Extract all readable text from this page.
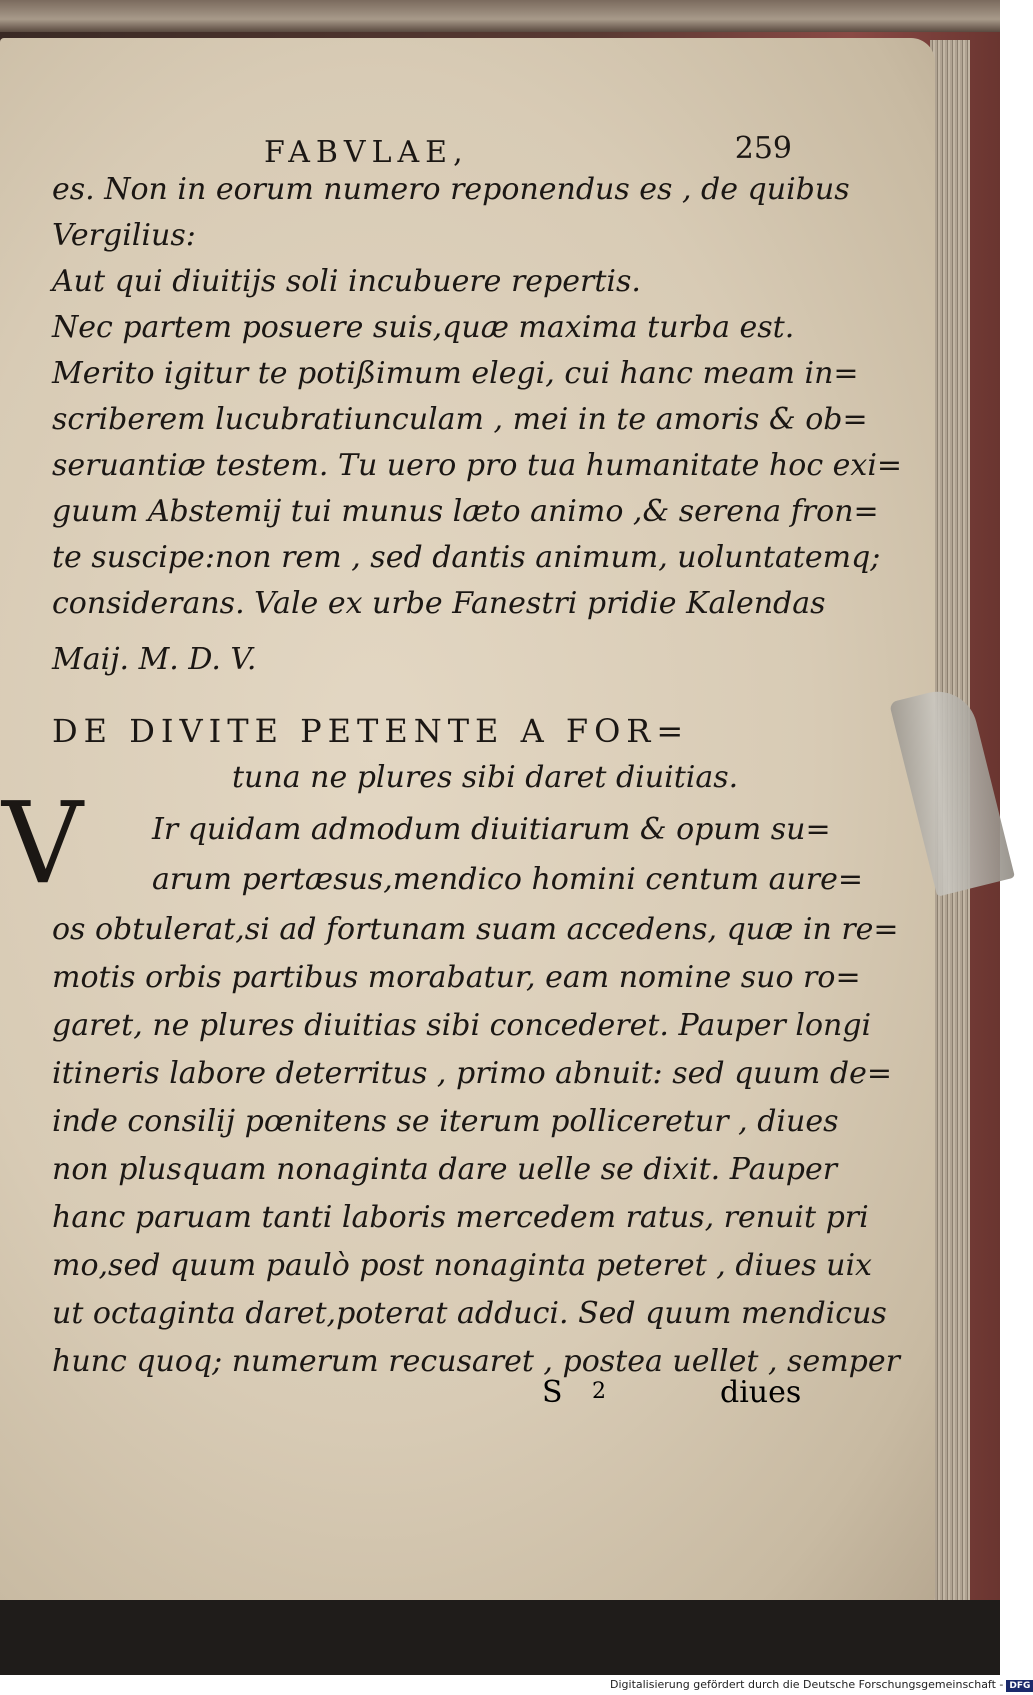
FABVLAE,	259
es. Non in eorum numero reponendus es , de quibus
Vergilius:
Aut qui diuitijs soli incubuere repertis.
Nec partem posuere suis,quæ maxima turba est.
Merito igitur te potißimum elegi, cui hanc meam in=
scriberem lucubratiunculam , mei in te amoris & ob=
seruantiæ testem. Tu uero pro tua humanitate hoc exi=
guum Abstemij tui munus læto animo ,& serena fron=
te suscipe:non rem , sed dantis animum, uoluntatemq;
considerans. Vale ex urbe Fanestri pridie Kalendas
Maij. M. D. V.
DE DIVITE PETENTE A FOR=
tuna ne plures sibi daret diuitias.
Ir quidam admodum diuitiarum & opum su=
arum pertæsus,mendico homini centum aure=
os obtulerat,si ad fortunam suam accedens, quæ in re=
motis orbis partibus morabatur, eam nomine suo ro=
garet, ne plures diuitias sibi concederet. Pauper longi
itineris labore deterritus , primo abnuit: sed quum de=
inde consilij pœnitens se iterum polliceretur , diues
non plusquam nonaginta dare uelle se dixit. Pauper
hanc paruam tanti laboris mercedem ratus, renuit pri
mo,sed quum paulò post nonaginta peteret , diues uix
ut octaginta daret,poterat adduci. Sed quum mendicus
hunc quoq; numerum recusaret , postea uellet , semper
V
S 2	diues
Digitalisierung gefördert durch die Deutsche Forschungsgemeinschaft - DFG
